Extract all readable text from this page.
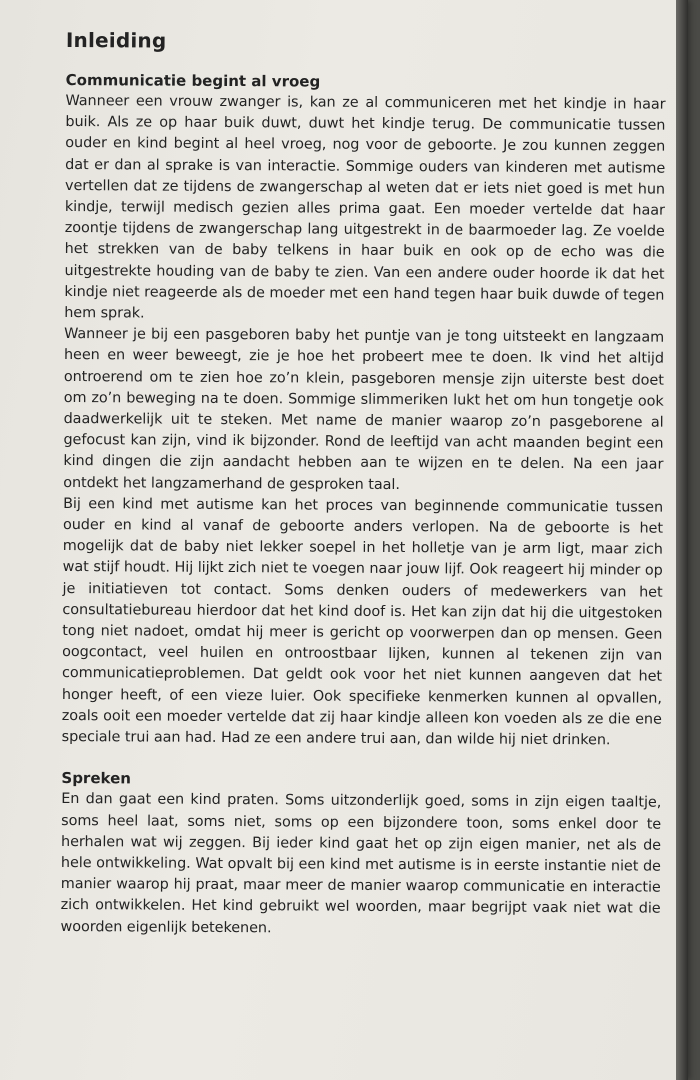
Inleiding
Communicatie begint al vroeg

Wanneer een vrouw zwanger is, kan ze al communiceren met het kindje in haar buik. Als ze op haar buik duwt, duwt het kindje terug. De communicatie tussen ouder en kind begint al heel vroeg, nog voor de geboorte. Je zou kunnen zeggen dat er dan al sprake is van interactie. Sommige ouders van kinderen met autisme vertellen dat ze tijdens de zwangerschap al weten dat er iets niet goed is met hun kindje, terwijl medisch gezien alles prima gaat. Een moeder vertelde dat haar zoontje tijdens de zwangerschap lang uitgestrekt in de baarmoeder lag. Ze voelde het strekken van de baby telkens in haar buik en ook op de echo was die uitgestrekte houding van de baby te zien. Van een andere ouder hoorde ik dat het kindje niet reageerde als de moeder met een hand tegen haar buik duwde of tegen hem sprak.

Wanneer je bij een pasgeboren baby het puntje van je tong uitsteekt en langzaam heen en weer beweegt, zie je hoe het probeert mee te doen. Ik vind het altijd ontroerend om te zien hoe zo’n klein, pasgeboren mensje zijn uiterste best doet om zo’n beweging na te doen. Sommige slimmeriken lukt het om hun tongetje ook daadwerkelijk uit te steken. Met name de manier waarop zo’n pasgeborene al gefocust kan zijn, vind ik bijzonder. Rond de leeftijd van acht maanden begint een kind dingen die zijn aandacht hebben aan te wijzen en te delen. Na een jaar ontdekt het langzamerhand de gesproken taal.

Bij een kind met autisme kan het proces van beginnende communicatie tussen ouder en kind al vanaf de geboorte anders verlopen. Na de geboorte is het mogelijk dat de baby niet lekker soepel in het holletje van je arm ligt, maar zich wat stijf houdt. Hij lijkt zich niet te voegen naar jouw lijf. Ook reageert hij minder op je initiatieven tot contact. Soms denken ouders of medewerkers van het consultatiebureau hierdoor dat het kind doof is. Het kan zijn dat hij die uitgestoken tong niet nadoet, omdat hij meer is gericht op voorwerpen dan op mensen. Geen oogcontact, veel huilen en ontroostbaar lijken, kunnen al tekenen zijn van communicatieproblemen. Dat geldt ook voor het niet kunnen aangeven dat het honger heeft, of een vieze luier. Ook specifieke kenmerken kunnen al opvallen, zoals ooit een moeder vertelde dat zij haar kindje alleen kon voeden als ze die ene speciale trui aan had. Had ze een andere trui aan, dan wilde hij niet drinken.

Spreken

En dan gaat een kind praten. Soms uitzonderlijk goed, soms in zijn eigen taaltje, soms heel laat, soms niet, soms op een bijzondere toon, soms enkel door te herhalen wat wij zeggen. Bij ieder kind gaat het op zijn eigen manier, net als de hele ontwikkeling. Wat opvalt bij een kind met autisme is in eerste instantie niet de manier waarop hij praat, maar meer de manier waarop communicatie en interactie zich ontwikkelen. Het kind gebruikt wel woorden, maar begrijpt vaak niet wat die woorden eigenlijk betekenen.
